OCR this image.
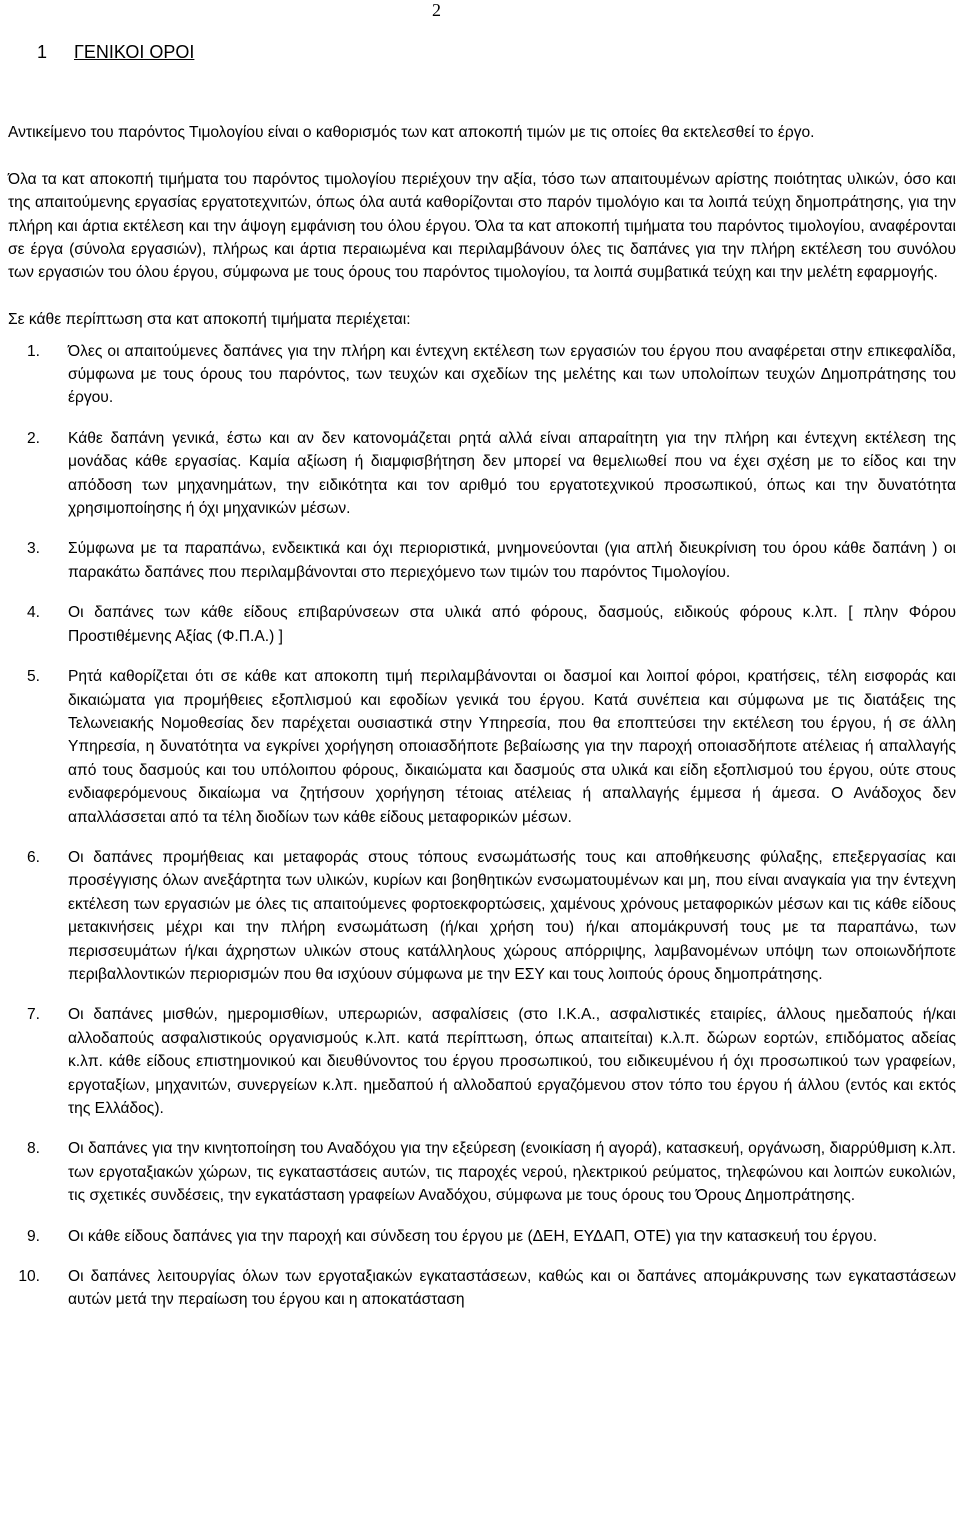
2
1 ΓΕΝΙΚΟΙ ΟΡΟΙ

Αντικείμενο του παρόντος Τιμολογίου είναι ο καθορισμός των κατ αποκοπή τιμών με τις οποίες θα εκτελεσθεί το έργο.

Όλα τα κατ αποκοπή τιμήματα του παρόντος τιμολογίου περιέχουν την αξία, τόσο των απαιτουμένων αρίστης ποιότητας υλικών, όσο και της απαιτούμενης εργασίας εργατοτεχνιτών, όπως όλα αυτά καθορίζονται στο παρόν τιμολόγιο και τα λοιπά τεύχη δημοπράτησης, για την πλήρη και άρτια εκτέλεση και την άψογη εμφάνιση του όλου έργου. Όλα τα κατ αποκοπή τιμήματα του παρόντος τιμολογίου, αναφέρονται σε έργα (σύνολα εργασιών), πλήρως και άρτια περαιωμένα και περιλαμβάνουν όλες τις δαπάνες για την πλήρη εκτέλεση του συνόλου των εργασιών του όλου έργου, σύμφωνα με τους όρους του παρόντος τιμολογίου, τα λοιπά συμβατικά τεύχη και την μελέτη εφαρμογής.

Σε κάθε περίπτωση στα κατ αποκοπή τιμήματα περιέχεται:

1.	Όλες οι απαιτούμενες δαπάνες για την πλήρη και έντεχνη εκτέλεση των εργασιών του έργου που αναφέρεται στην επικεφαλίδα, σύμφωνα με τους όρους του παρόντος, των τευχών και σχεδίων της μελέτης και των υπολοίπων τευχών Δημοπράτησης του έργου.
2.	Κάθε δαπάνη γενικά, έστω και αν δεν κατονομάζεται ρητά αλλά είναι απαραίτητη για την πλήρη και έντεχνη εκτέλεση της μονάδας κάθε εργασίας. Καμία αξίωση ή διαμφισβήτηση δεν μπορεί να θεμελιωθεί που να έχει σχέση με το είδος και την απόδοση των μηχανημάτων, την ειδικότητα και τον αριθμό του εργατοτεχνικού προσωπικού, όπως και την δυνατότητα χρησιμοποίησης ή όχι μηχανικών μέσων.
3.	Σύμφωνα με τα παραπάνω, ενδεικτικά και όχι περιοριστικά, μνημονεύονται (για απλή διευκρίνιση του όρου κάθε δαπάνη ) οι παρακάτω δαπάνες που περιλαμβάνονται στο περιεχόμενο των τιμών του παρόντος Τιμολογίου.
4.	Οι δαπάνες των κάθε είδους επιβαρύνσεων στα υλικά από φόρους, δασμούς, ειδικούς φόρους κ.λπ. [ πλην Φόρου Προστιθέμενης Αξίας (Φ.Π.Α.) ]
5.	Ρητά καθορίζεται ότι σε κάθε κατ αποκοπη τιμή περιλαμβάνονται οι δασμοί και λοιποί φόροι, κρατήσεις, τέλη εισφοράς και δικαιώματα για προμήθειες εξοπλισμού και εφοδίων γενικά του έργου. Κατά συνέπεια και σύμφωνα με τις διατάξεις της Τελωνειακής Νομοθεσίας δεν παρέχεται ουσιαστικά στην Υπηρεσία, που θα εποπτεύσει την εκτέλεση του έργου, ή σε άλλη Υπηρεσία, η δυνατότητα να εγκρίνει χορήγηση οποιασδήποτε βεβαίωσης για την παροχή οποιασδήποτε ατέλειας ή απαλλαγής από τους δασμούς και του υπόλοιπου φόρους, δικαιώματα και δασμούς στα υλικά και είδη εξοπλισμού του έργου, ούτε στους ενδιαφερόμενους δικαίωμα να ζητήσουν χορήγηση τέτοιας ατέλειας ή απαλλαγής έμμεσα ή άμεσα. Ο Ανάδοχος δεν απαλλάσσεται από τα τέλη διοδίων των κάθε είδους μεταφορικών μέσων.
6.	Οι δαπάνες προμήθειας και μεταφοράς στους τόπους ενσωμάτωσής τους και αποθήκευσης φύλαξης, επεξεργασίας και προσέγγισης όλων ανεξάρτητα των υλικών, κυρίων και βοηθητικών ενσωματουμένων και μη, που είναι αναγκαία για την έντεχνη εκτέλεση των εργασιών με όλες τις απαιτούμενες φορτοεκφορτώσεις, χαμένους χρόνους μεταφορικών μέσων και τις κάθε είδους μετακινήσεις μέχρι και την πλήρη ενσωμάτωση (ή/και χρήση του) ή/και απομάκρυνσή τους με τα παραπάνω, των περισσευμάτων ή/και άχρηστων υλικών στους κατάλληλους χώρους απόρριψης, λαμβανομένων υπόψη των οποιωνδήποτε περιβαλλοντικών περιορισμών που θα ισχύουν σύμφωνα με την ΕΣΥ και τους λοιπούς όρους δημοπράτησης.
7.	Οι δαπάνες μισθών, ημερομισθίων, υπερωριών, ασφαλίσεις (στο Ι.Κ.Α., ασφαλιστικές εταιρίες, άλλους ημεδαπούς ή/και αλλοδαπούς ασφαλιστικούς οργανισμούς κ.λπ. κατά περίπτωση, όπως απαιτείται) κ.λ.π. δώρων εορτών, επιδόματος αδείας κ.λπ. κάθε είδους επιστημονικού και διευθύνοντος του έργου προσωπικού, του ειδικευμένου ή όχι προσωπικού των γραφείων, εργοταξίων, μηχανιτών, συνεργείων κ.λπ. ημεδαπού ή αλλοδαπού εργαζόμενου στον τόπο του έργου ή άλλου (εντός και εκτός της Ελλάδος).
8.	Οι δαπάνες για την κινητοποίηση του Αναδόχου για την εξεύρεση (ενοικίαση ή αγορά), κατασκευή, οργάνωση, διαρρύθμιση κ.λπ. των εργοταξιακών χώρων, τις εγκαταστάσεις αυτών, τις παροχές νερού, ηλεκτρικού ρεύματος, τηλεφώνου και λοιπών ευκολιών, τις σχετικές συνδέσεις, την εγκατάσταση γραφείων Αναδόχου, σύμφωνα με τους όρους του Όρους Δημοπράτησης.
9.	Οι κάθε είδους δαπάνες για την παροχή και σύνδεση του έργου με (ΔΕΗ, ΕΥΔΑΠ, ΟΤΕ) για την κατασκευή του έργου.
10.	Οι δαπάνες λειτουργίας όλων των εργοταξιακών εγκαταστάσεων, καθώς και οι δαπάνες απομάκρυνσης των εγκαταστάσεων αυτών μετά την περαίωση του έργου και η αποκατάσταση
